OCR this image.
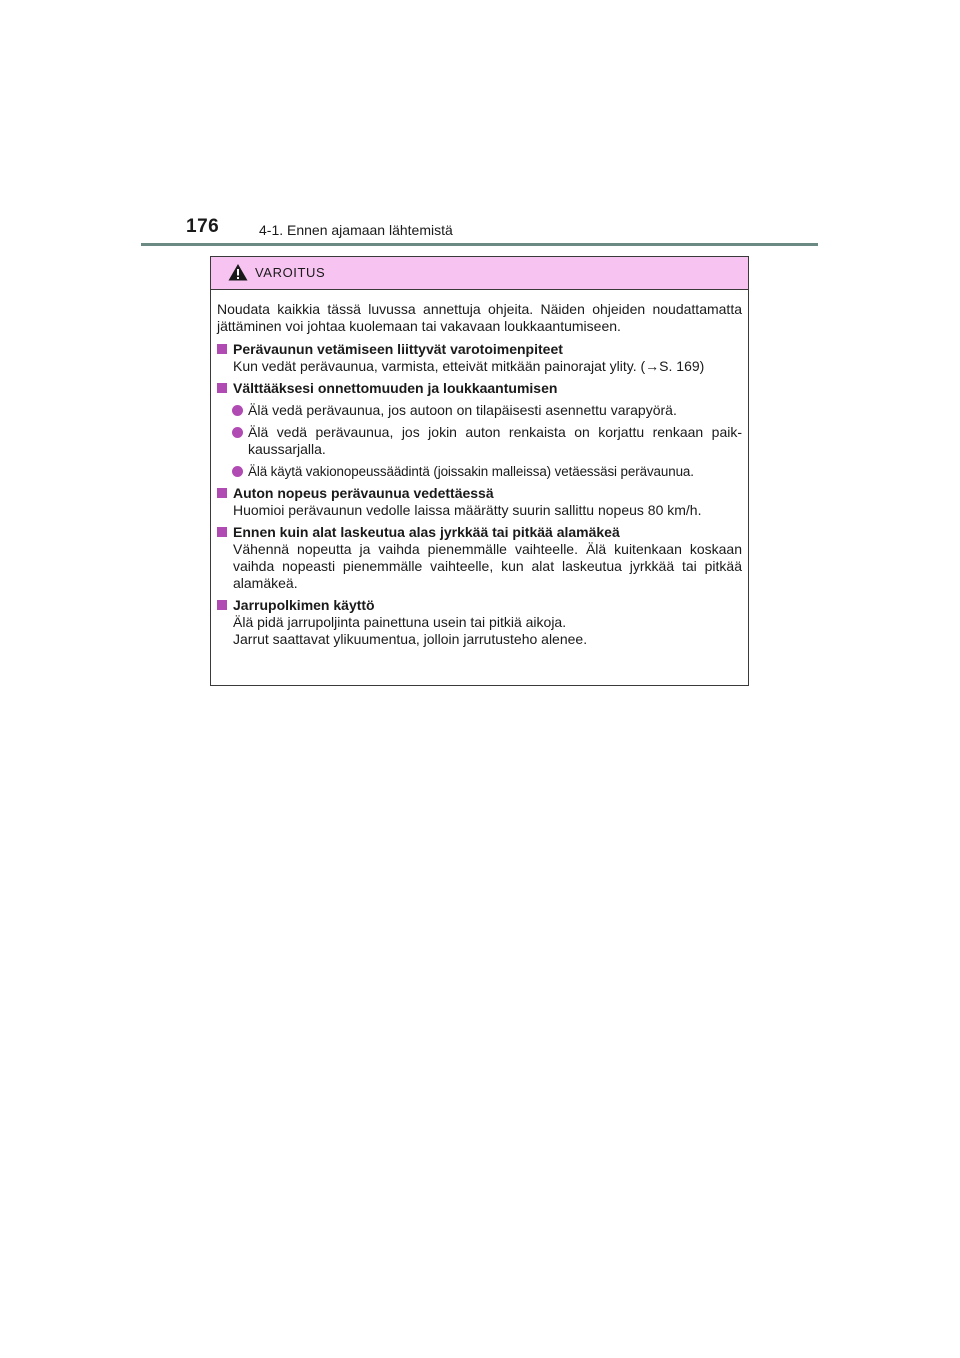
176	4-1. Ennen ajamaan lähtemistä
VAROITUS
Noudata kaikkia tässä luvussa annettuja ohjeita. Näiden ohjeiden noudattamatta
jättäminen voi johtaa kuolemaan tai vakavaan loukkaantumiseen.
Perävaunun vetämiseen liittyvät varotoimenpiteet
Kun vedät perävaunua, varmista, etteivät mitkään painorajat ylity. (→S. 169)
Välttääksesi onnettomuuden ja loukkaantumisen
Älä vedä perävaunua, jos autoon on tilapäisesti asennettu varapyörä.
Älä vedä perävaunua, jos jokin auton renkaista on korjattu renkaan paik-
kaussarjalla.
Älä käytä vakionopeussäädintä (joissakin malleissa) vetäessäsi perävaunua.
Auton nopeus perävaunua vedettäessä
Huomioi perävaunun vedolle laissa määrätty suurin sallittu nopeus 80 km/h.
Ennen kuin alat laskeutua alas jyrkkää tai pitkää alamäkeä
Vähennä nopeutta ja vaihda pienemmälle vaihteelle. Älä kuitenkaan koskaan
vaihda nopeasti pienemmälle vaihteelle, kun alat laskeutua jyrkkää tai pitkää
alamäkeä.
Jarrupolkimen käyttö
Älä pidä jarrupoljinta painettuna usein tai pitkiä aikoja.
Jarrut saattavat ylikuumentua, jolloin jarrutusteho alenee.
